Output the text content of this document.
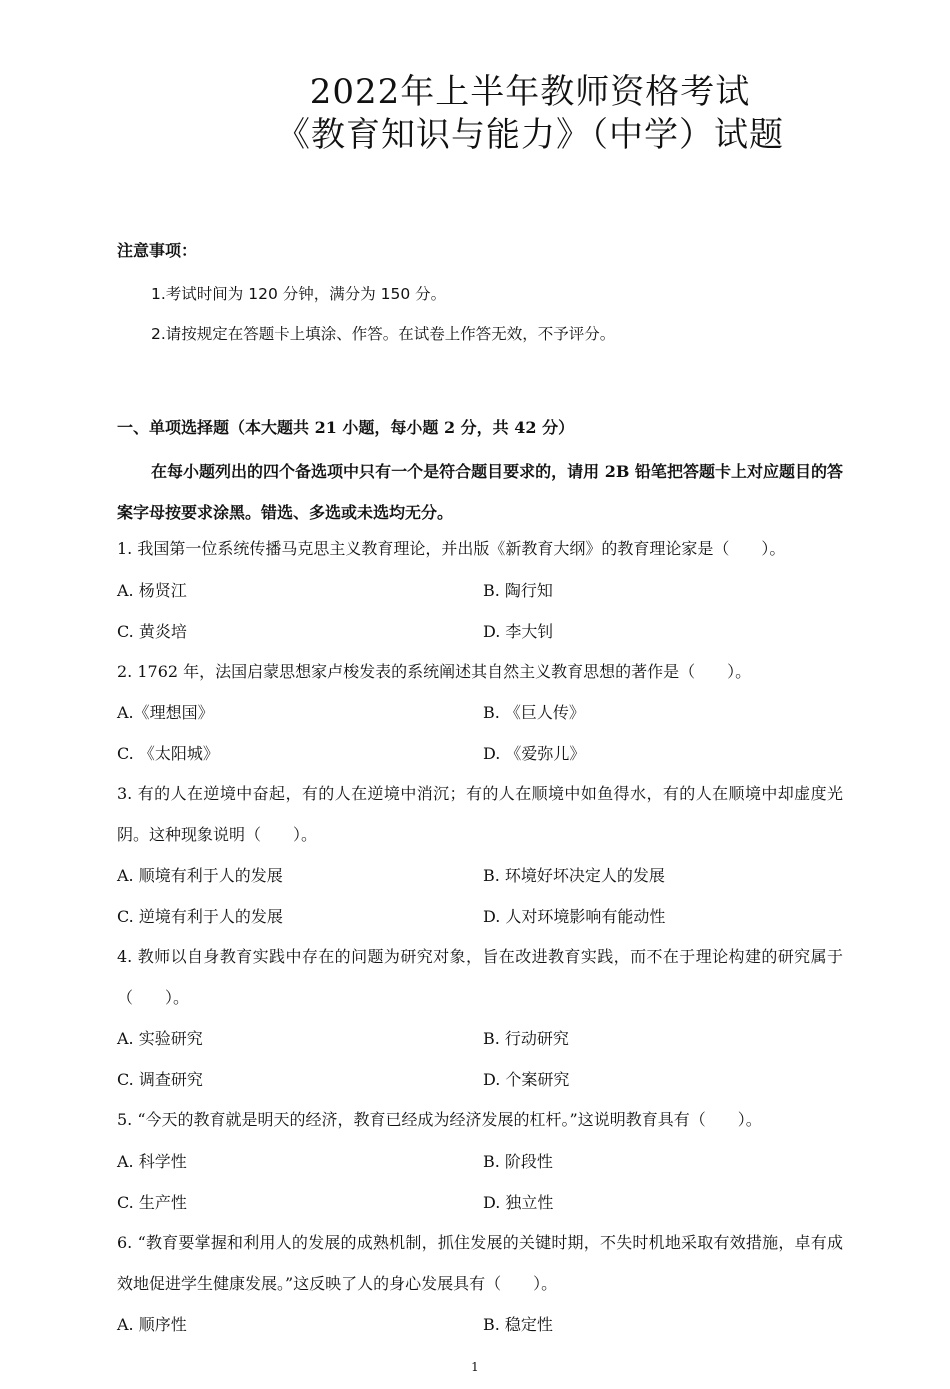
2022年上半年教师资格考试
《教育知识与能力》（中学）试题
注意事项：
1.考试时间为 120 分钟，满分为 150 分。
2.请按规定在答题卡上填涂、作答。在试卷上作答无效，不予评分。
一、单项选择题（本大题共 21 小题，每小题 2 分，共 42 分）
在每小题列出的四个备选项中只有一个是符合题目要求的，请用 2B 铅笔把答题卡上对应题目的答案字母按要求涂黑。错选、多选或未选均无分。
1. 我国第一位系统传播马克思主义教育理论，并出版《新教育大纲》的教育理论家是（　　）。
A. 杨贤江	B. 陶行知
C. 黄炎培	D. 李大钊
2. 1762 年，法国启蒙思想家卢梭发表的系统阐述其自然主义教育思想的著作是（　　）。
A.《理想国》	B. 《巨人传》
C. 《太阳城》	D. 《爱弥儿》
3. 有的人在逆境中奋起，有的人在逆境中消沉；有的人在顺境中如鱼得水，有的人在顺境中却虚度光阴。这种现象说明（　　）。
A. 顺境有利于人的发展	B. 环境好坏决定人的发展
C. 逆境有利于人的发展	D. 人对环境影响有能动性
4. 教师以自身教育实践中存在的问题为研究对象，旨在改进教育实践，而不在于理论构建的研究属于（　　）。
A. 实验研究	B. 行动研究
C. 调查研究	D. 个案研究
5. “今天的教育就是明天的经济，教育已经成为经济发展的杠杆。”这说明教育具有（　　）。
A. 科学性	B. 阶段性
C. 生产性	D. 独立性
6. “教育要掌握和利用人的发展的成熟机制，抓住发展的关键时期，不失时机地采取有效措施，卓有成效地促进学生健康发展。”这反映了人的身心发展具有（　　）。
A. 顺序性	B. 稳定性
1
